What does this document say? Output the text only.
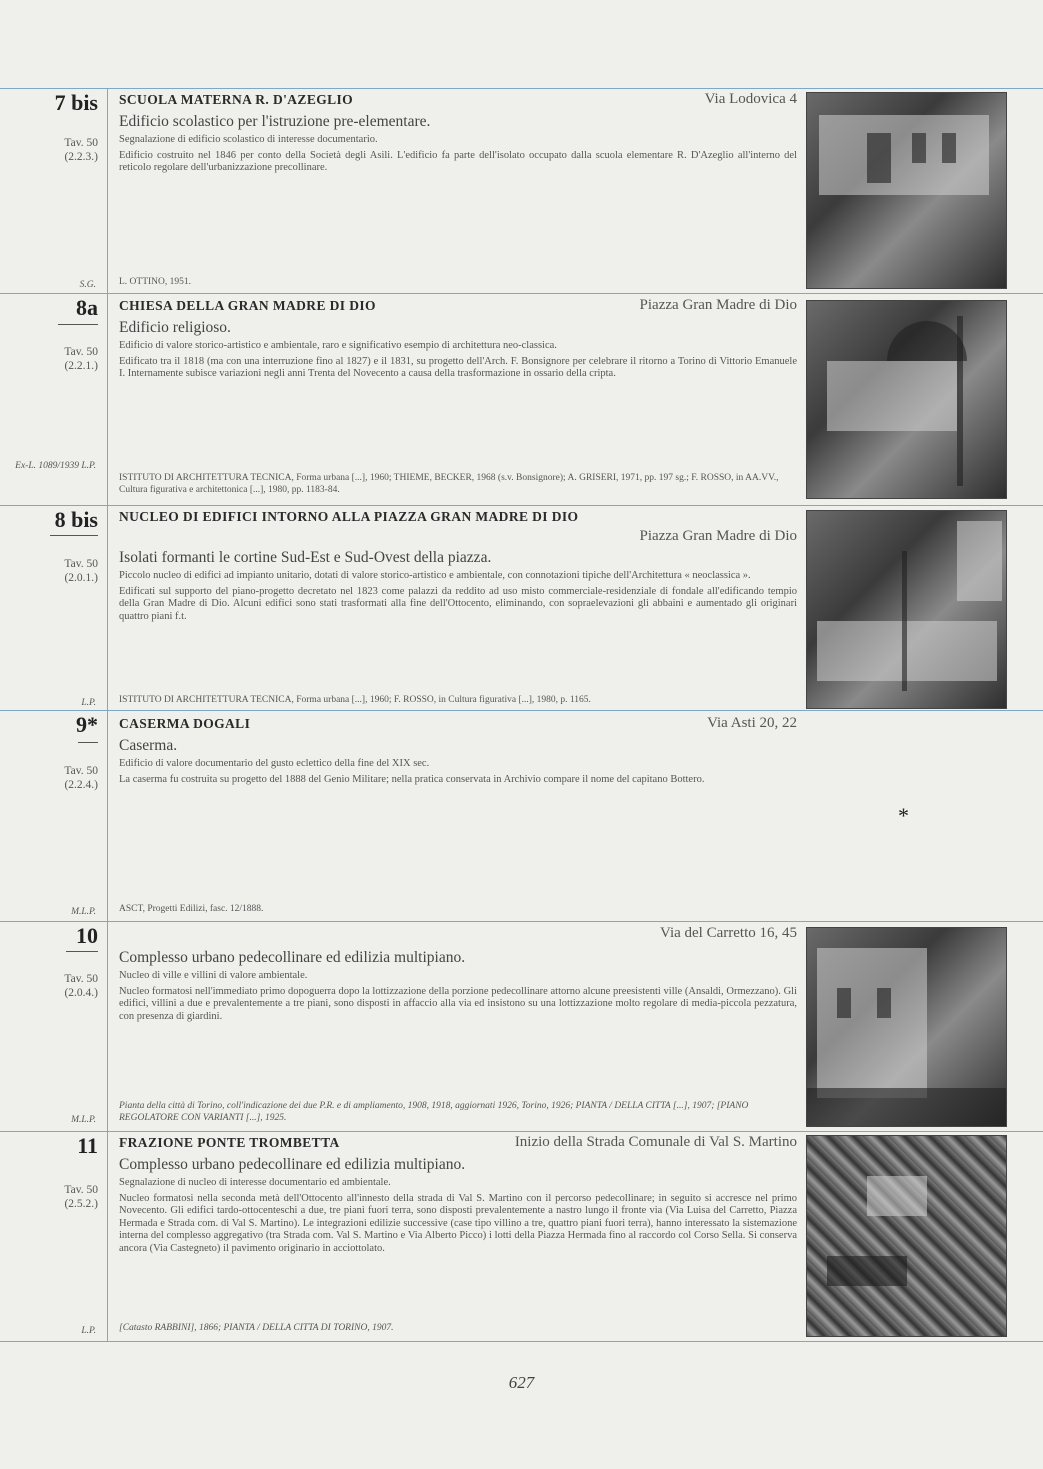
7 bis
Tav. 50
(2.2.3.)
S.G.
SCUOLA MATERNA R. D'AZEGLIO	Via Lodovica 4
Edificio scolastico per l'istruzione pre-elementare.
Segnalazione di edificio scolastico di interesse documentario.
Edificio costruito nel 1846 per conto della Società degli Asili. L'edificio fa parte dell'isolato occupato dalla scuola elementare R. D'Azeglio all'interno del reticolo regolare dell'urbanizzazione precollinare.
L. OTTINO, 1951.
8a
Tav. 50
(2.2.1.)
Ex-L. 1089/1939 L.P.
CHIESA DELLA GRAN MADRE DI DIO	Piazza Gran Madre di Dio
Edificio religioso.
Edificio di valore storico-artistico e ambientale, raro e significativo esempio di architettura neo-classica.
Edificato tra il 1818 (ma con una interruzione fino al 1827) e il 1831, su progetto dell'Arch. F. Bonsignore per celebrare il ritorno a Torino di Vittorio Emanuele I. Internamente subisce variazioni negli anni Trenta del Novecento a causa della trasformazione in ossario della cripta.
ISTITUTO DI ARCHITETTURA TECNICA, Forma urbana [...], 1960; THIEME, BECKER, 1968 (s.v. Bonsignore); A. GRISERI, 1971, pp. 197 sg.; F. ROSSO, in AA.VV., Cultura figurativa e architettonica [...], 1980, pp. 1183-84.
8 bis
Tav. 50
(2.0.1.)
L.P.
NUCLEO DI EDIFICI INTORNO ALLA PIAZZA GRAN MADRE DI DIO
Piazza Gran Madre di Dio
Isolati formanti le cortine Sud-Est e Sud-Ovest della piazza.
Piccolo nucleo di edifici ad impianto unitario, dotati di valore storico-artistico e ambientale, con connotazioni tipiche dell'Architettura « neoclassica ».
Edificati sul supporto del piano-progetto decretato nel 1823 come palazzi da reddito ad uso misto commerciale-residenziale di fondale all'edificando tempio della Gran Madre di Dio. Alcuni edifici sono stati trasformati alla fine dell'Ottocento, eliminando, con sopraelevazioni gli abbaini e aumentado gli originari quattro piani f.t.
ISTITUTO DI ARCHITETTURA TECNICA, Forma urbana [...], 1960; F. ROSSO, in Cultura figurativa [...], 1980, p. 1165.
9*
Tav. 50
(2.2.4.)
M.L.P.
CASERMA DOGALI	Via Asti 20, 22
Caserma.
Edificio di valore documentario del gusto eclettico della fine del XIX sec.
La caserma fu costruita su progetto del 1888 del Genio Militare; nella pratica conservata in Archivio compare il nome del capitano Bottero.
*
ASCT, Progetti Edilizi, fasc. 12/1888.
10
Tav. 50
(2.0.4.)
M.L.P.
Via del Carretto 16, 45
Complesso urbano pedecollinare ed edilizia multipiano.
Nucleo di ville e villini di valore ambientale.
Nucleo formatosi nell'immediato primo dopoguerra dopo la lottizzazione della porzione pedecollinare attorno alcune preesistenti ville (Ansaldi, Ormezzano). Gli edifici, villini a due e prevalentemente a tre piani, sono disposti in affaccio alla via ed insistono su una lottizzazione molto regolare di media-piccola pezzatura, con presenza di giardini.
Pianta della città di Torino, coll'indicazione dei due P.R. e di ampliamento, 1908, 1918, aggiornati 1926, Torino, 1926; PIANTA / DELLA CITTA [...], 1907; [PIANO REGOLATORE CON VARIANTI [...], 1925.
11
Tav. 50
(2.5.2.)
L.P.
FRAZIONE PONTE TROMBETTA	Inizio della Strada Comunale di Val S. Martino
Complesso urbano pedecollinare ed edilizia multipiano.
Segnalazione di nucleo di interesse documentario ed ambientale.
Nucleo formatosi nella seconda metà dell'Ottocento all'innesto della strada di Val S. Martino con il percorso pedecollinare; in seguito si accresce nel primo Novecento. Gli edifici tardo-ottocenteschi a due, tre piani fuori terra, sono disposti prevalentemente a nastro lungo il fronte via (Via Luisa del Carretto, Piazza Hermada e Strada com. di Val S. Martino). Le integrazioni edilizie successive (case tipo villino a tre, quattro piani fuori terra), hanno interessato la sistemazione interna del complesso aggregativo (tra Strada com. Val S. Martino e Via Alberto Picco) i lotti della Piazza Hermada fino al raccordo col Corso Sella. Si conserva ancora (Via Castegneto) il pavimento originario in acciottolato.
[Catasto RABBINI], 1866; PIANTA / DELLA CITTA DI TORINO, 1907.
627
